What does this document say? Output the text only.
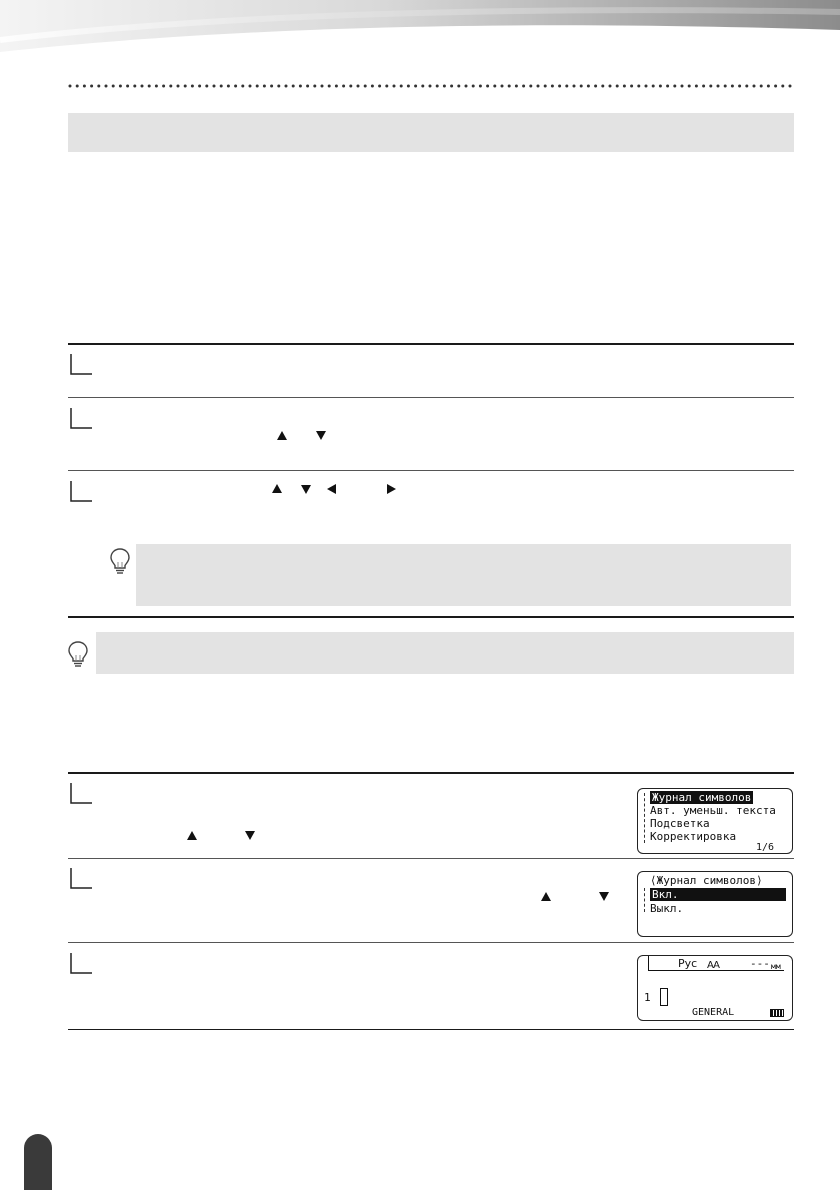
Журнал символов
Авт. уменьш. текста
Подсветка
Корректировка
1/6
⟨Журнал символов⟩
Вкл.
Выкл.
Рус AA	--- мм
1
GENERAL
